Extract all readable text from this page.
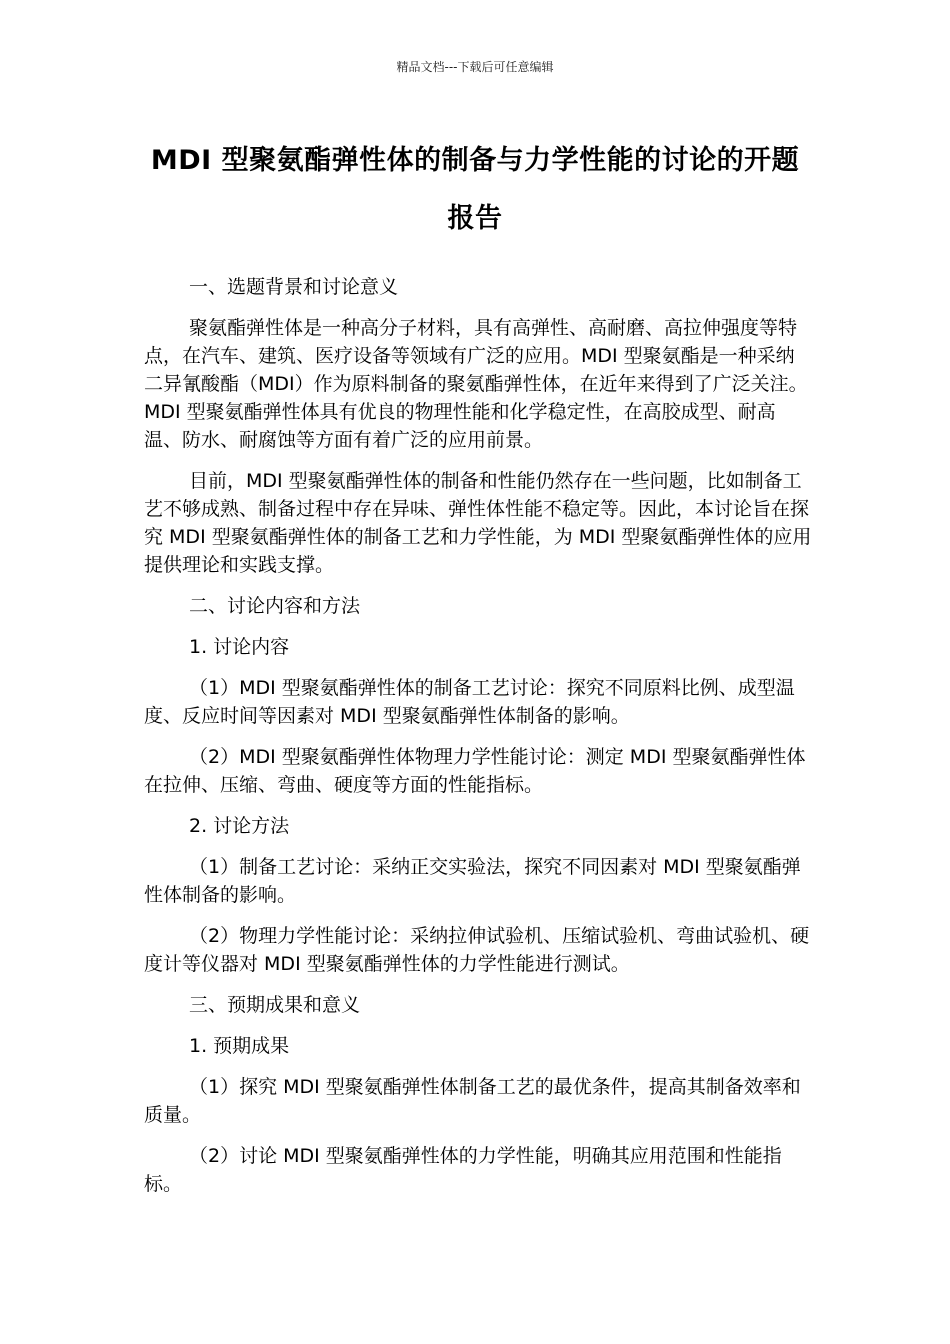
精品文档---下载后可任意编辑
MDI 型聚氨酯弹性体的制备与力学性能的讨论的开题报告

一、选题背景和讨论意义

聚氨酯弹性体是一种高分子材料，具有高弹性、高耐磨、高拉伸强度等特点，在汽车、建筑、医疗设备等领域有广泛的应用。MDI 型聚氨酯是一种采纳二异氰酸酯（MDI）作为原料制备的聚氨酯弹性体，在近年来得到了广泛关注。MDI 型聚氨酯弹性体具有优良的物理性能和化学稳定性，在高胶成型、耐高温、防水、耐腐蚀等方面有着广泛的应用前景。

目前，MDI 型聚氨酯弹性体的制备和性能仍然存在一些问题，比如制备工艺不够成熟、制备过程中存在异味、弹性体性能不稳定等。因此，本讨论旨在探究 MDI 型聚氨酯弹性体的制备工艺和力学性能，为 MDI 型聚氨酯弹性体的应用提供理论和实践支撑。

二、讨论内容和方法

1. 讨论内容

（1）MDI 型聚氨酯弹性体的制备工艺讨论：探究不同原料比例、成型温度、反应时间等因素对 MDI 型聚氨酯弹性体制备的影响。

（2）MDI 型聚氨酯弹性体物理力学性能讨论：测定 MDI 型聚氨酯弹性体在拉伸、压缩、弯曲、硬度等方面的性能指标。

2. 讨论方法

（1）制备工艺讨论：采纳正交实验法，探究不同因素对 MDI 型聚氨酯弹性体制备的影响。

（2）物理力学性能讨论：采纳拉伸试验机、压缩试验机、弯曲试验机、硬度计等仪器对 MDI 型聚氨酯弹性体的力学性能进行测试。

三、预期成果和意义

1. 预期成果

（1）探究 MDI 型聚氨酯弹性体制备工艺的最优条件，提高其制备效率和质量。

（2）讨论 MDI 型聚氨酯弹性体的力学性能，明确其应用范围和性能指标。
